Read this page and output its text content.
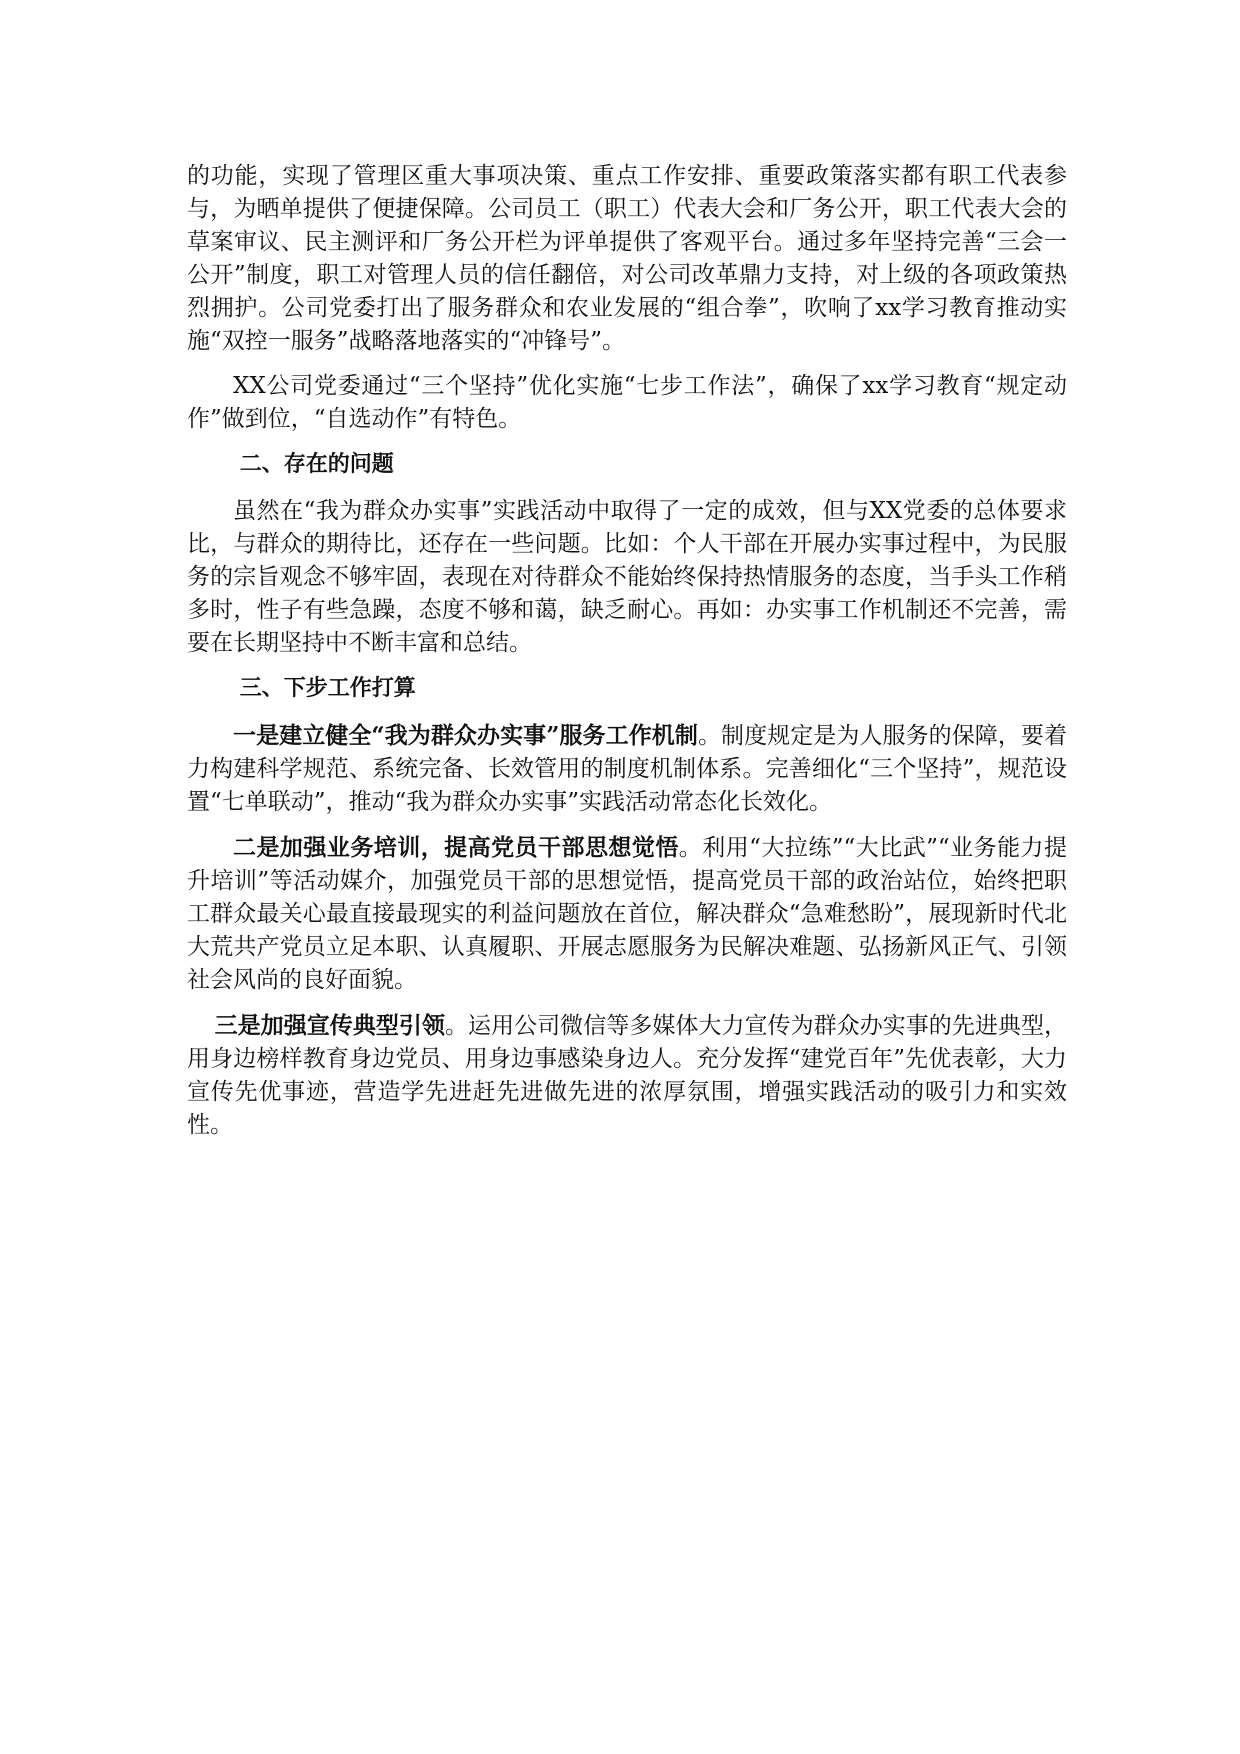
的功能，实现了管理区重大事项决策、重点工作安排、重要政策落实都有职工代表参与，为晒单提供了便捷保障。公司员工（职工）代表大会和厂务公开，职工代表大会的草案审议、民主测评和厂务公开栏为评单提供了客观平台。通过多年坚持完善“三会一公开”制度，职工对管理人员的信任翻倍，对公司改革鼎力支持，对上级的各项政策热烈拥护。公司党委打出了服务群众和农业发展的“组合拳”，吹响了xx学习教育推动实施“双控一服务”战略落地落实的“冲锋号”。

XX公司党委通过“三个坚持”优化实施“七步工作法”，确保了xx学习教育“规定动作”做到位，“自选动作”有特色。

二、存在的问题

虽然在“我为群众办实事”实践活动中取得了一定的成效，但与XX党委的总体要求比，与群众的期待比，还存在一些问题。比如：个人干部在开展办实事过程中，为民服务的宗旨观念不够牢固，表现在对待群众不能始终保持热情服务的态度，当手头工作稍多时，性子有些急躁，态度不够和蔼，缺乏耐心。再如：办实事工作机制还不完善，需要在长期坚持中不断丰富和总结。

三、下步工作打算

一是建立健全“我为群众办实事”服务工作机制。制度规定是为人服务的保障，要着力构建科学规范、系统完备、长效管用的制度机制体系。完善细化“三个坚持”，规范设置“七单联动”，推动“我为群众办实事”实践活动常态化长效化。

二是加强业务培训，提高党员干部思想觉悟。利用“大拉练”“大比武”“业务能力提升培训”等活动媒介，加强党员干部的思想觉悟，提高党员干部的政治站位，始终把职工群众最关心最直接最现实的利益问题放在首位，解决群众“急难愁盼”，展现新时代北大荒共产党员立足本职、认真履职、开展志愿服务为民解决难题、弘扬新风正气、引领社会风尚的良好面貌。

三是加强宣传典型引领。运用公司微信等多媒体大力宣传为群众办实事的先进典型，用身边榜样教育身边党员、用身边事感染身边人。充分发挥“建党百年”先优表彰，大力宣传先优事迹，营造学先进赶先进做先进的浓厚氛围，增强实践活动的吸引力和实效性。
